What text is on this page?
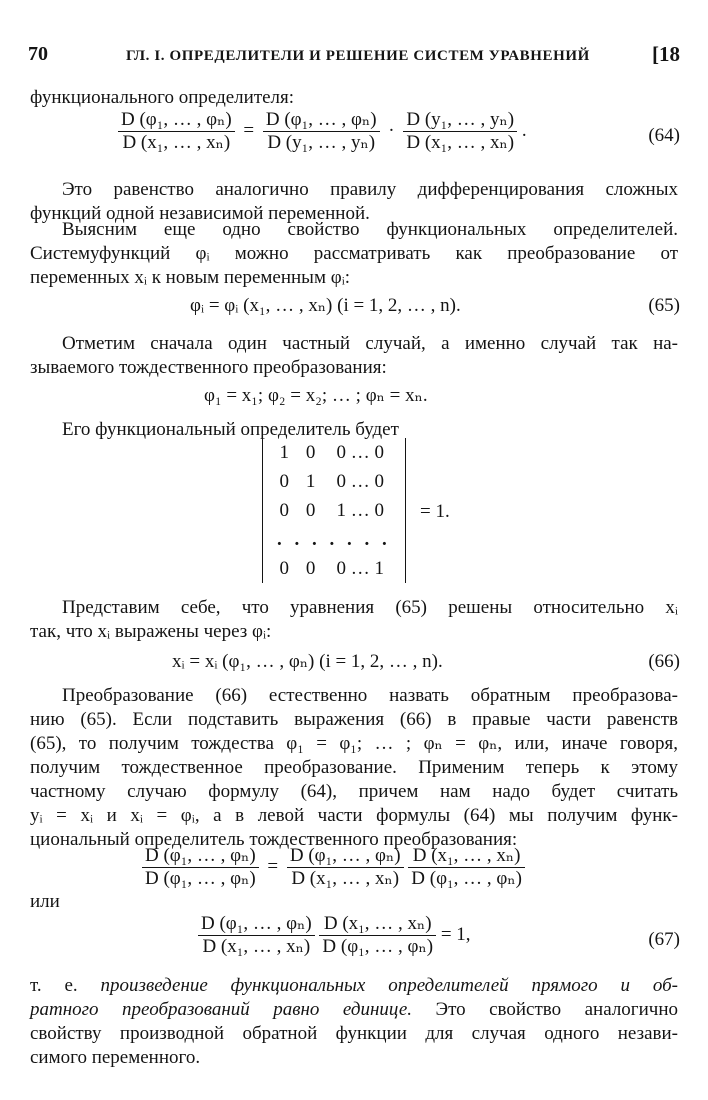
70	ГЛ. I. ОПРЕДЕЛИТЕЛИ И РЕШЕНИЕ СИСТЕМ УРАВНЕНИЙ	[18
функционального определителя:
$\frac{\text{D (φ₁, … , φₙ)}}{\text{D (x₁, … , xₙ)}} = \frac{\text{D (φ₁, … , φₙ)}}{\text{D (y₁, … , yₙ)}} \cdot \frac{\text{D (y₁, … , yₙ)}}{\text{D (x₁, … , xₙ)}}$ .	(64)
Это равенство аналогично правилу дифференцирования сложных
функций одной независимой переменной.
Выясним еще одно свойство функциональных определителей.
Системуфункций φᵢ можно рассматривать как преобразование от
переменных xᵢ к новым переменным φᵢ:
φᵢ = φᵢ (x₁, … , xₙ) (i = 1, 2, … , n).	(65)
Отметим сначала один частный случай, а именно случай так на-
зываемого тождественного преобразования:
φ₁ = x₁; φ₂ = x₂; … ; φₙ = xₙ.
Его функциональный определитель будет
1	0	0 … 0
0	1	0 … 0
0	0	1 … 0
. . . . . . .		
0	0	0 … 1
= 1.
Представим себе, что уравнения (65) решены относительно xᵢ
так, что xᵢ выражены через φᵢ:
xᵢ = xᵢ (φ₁, … , φₙ) (i = 1, 2, … , n).	(66)
Преобразование (66) естественно назвать обратным преобразова-
нию (65). Если подставить выражения (66) в правые части равенств
(65), то получим тождества φ₁ = φ₁; … ; φₙ = φₙ, или, иначе говоря,
получим тождественное преобразование. Применим теперь к этому
частному случаю формулу (64), причем нам надо будет считать
yᵢ = xᵢ и xᵢ = φᵢ, а в левой части формулы (64) мы получим функ-
циональный определитель тождественного преобразования:
$\frac{\text{D (φ₁, … , φₙ)}}{\text{D (φ₁, … , φₙ)}} = \frac{\text{D (φ₁, … , φₙ)}}{\text{D (x₁, … , xₙ)}}$
$\frac{\text{D (x₁, … , xₙ)}}{\text{D (φ₁, … , φₙ)}}$
или
$\frac{\text{D (φ₁, … , φₙ)}}{\text{D (x₁, … , xₙ)}}$
$\frac{\text{D (x₁, … , xₙ)}}{\text{D (φ₁, … , φₙ)}} = 1$,	(67)
т. е. произведение функциональных определителей прямого и об-
ратного преобразований равно единице. Это свойство аналогично
свойству производной обратной функции для случая одного незави-
симого переменного.
